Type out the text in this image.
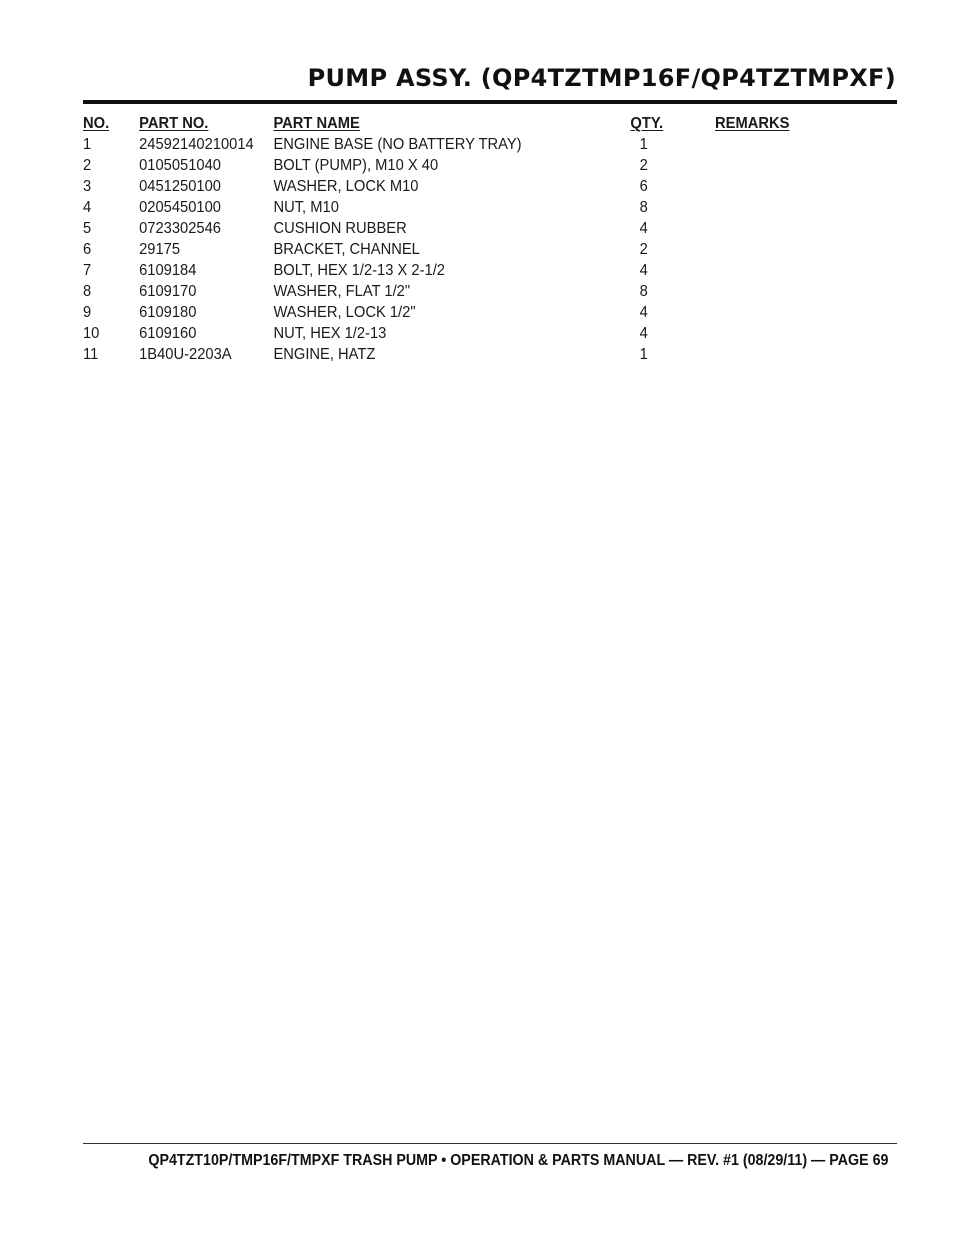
PUMP ASSY. (QP4TZTMP16F/QP4TZTMPXF)
NO.	PART NO.	PART NAME	QTY.	REMARKS
1	24592140210014	ENGINE BASE (NO BATTERY TRAY)	1
2	0105051040	BOLT (PUMP), M10 X 40	2
3	0451250100	WASHER, LOCK M10	6
4	0205450100	NUT, M10	8
5	0723302546	CUSHION RUBBER	4
6	29175	BRACKET, CHANNEL	2
7	6109184	BOLT, HEX 1/2-13 X 2-1/2	4
8	6109170	WASHER, FLAT 1/2"	8
9	6109180	WASHER, LOCK 1/2"	4
10	6109160	NUT, HEX 1/2-13	4
11	1B40U-2203A	ENGINE, HATZ	1
QP4TZT10P/TMP16F/TMPXF TRASH PUMP • OPERATION & PARTS MANUAL — REV. #1 (08/29/11) — PAGE 69
